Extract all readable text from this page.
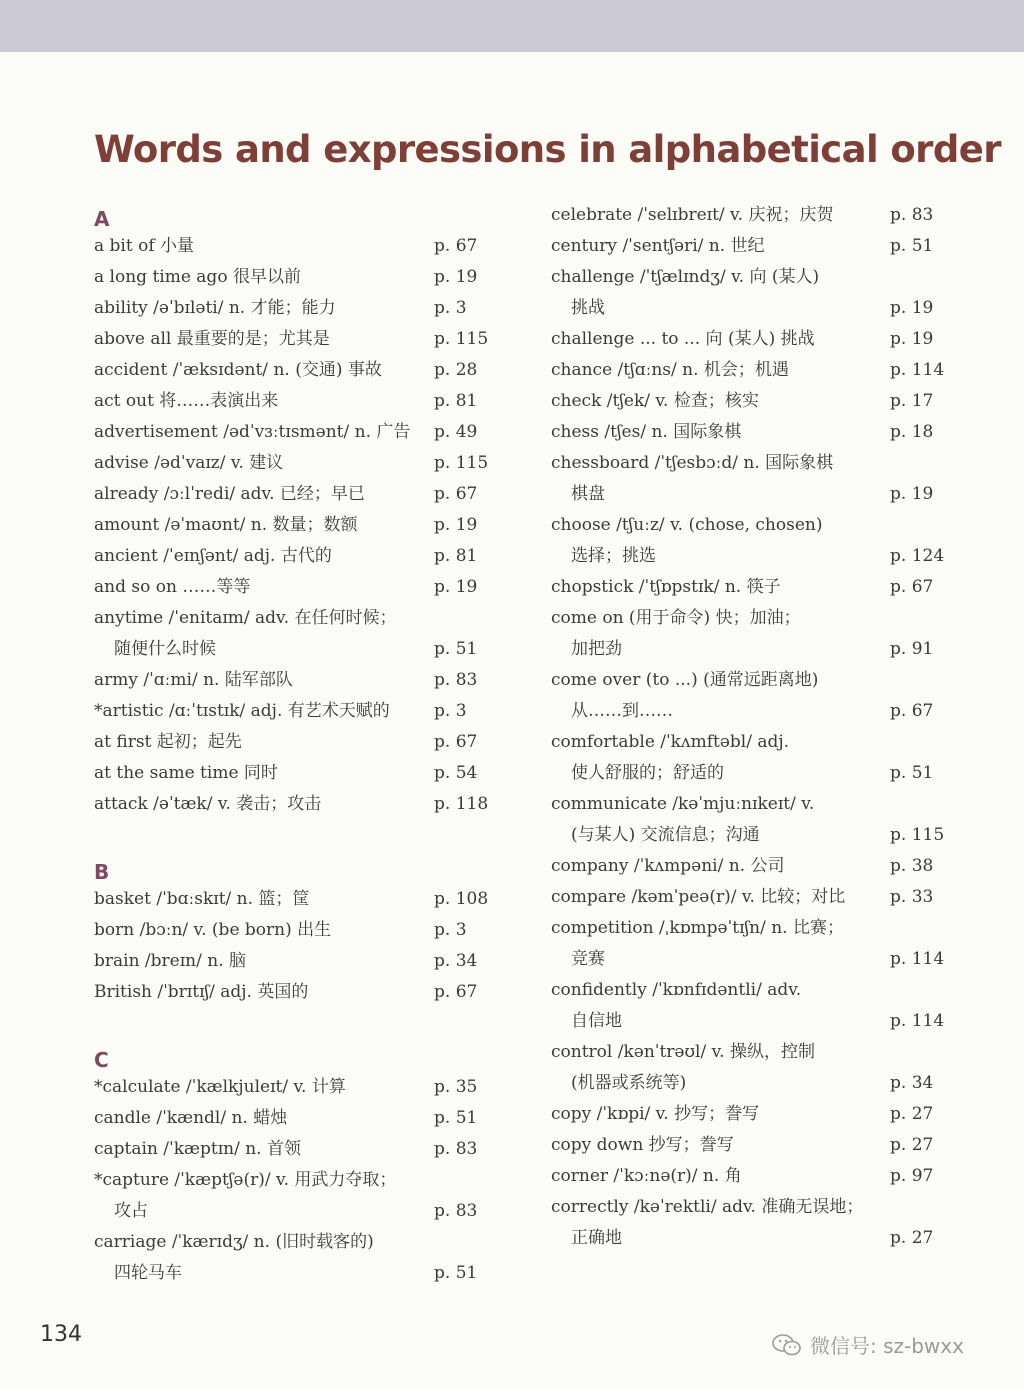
Words and expressions in alphabetical order
A
a bit of 小量	p. 67
a long time ago 很早以前	p. 19
ability /əˈbɪləti/ n. 才能；能力	p. 3
above all 最重要的是；尤其是	p. 115
accident /ˈæksɪdənt/ n. (交通) 事故	p. 28
act out 将……表演出来	p. 81
advertisement /ədˈvɜːtɪsmənt/ n. 广告 p. 49
advise /ədˈvaɪz/ v. 建议	p. 115
already /ɔːlˈredi/ adv. 已经；早已	p. 67
amount /əˈmaʊnt/ n. 数量；数额	p. 19
ancient /ˈeɪnʃənt/ adj. 古代的	p. 81
and so on ……等等	p. 19
anytime /ˈenitaɪm/ adv. 在任何时候；
随便什么时候	p. 51
army /ˈɑːmi/ n. 陆军部队	p. 83
*artistic /ɑːˈtɪstɪk/ adj. 有艺术天赋的	p. 3
at first 起初；起先	p. 67
at the same time 同时	p. 54
attack /əˈtæk/ v. 袭击；攻击	p. 118
B
basket /ˈbɑːskɪt/ n. 篮；筐	p. 108
born /bɔːn/ v. (be born) 出生	p. 3
brain /breɪn/ n. 脑	p. 34
British /ˈbrɪtɪʃ/ adj. 英国的	p. 67
C
*calculate /ˈkælkjuleɪt/ v. 计算	p. 35
candle /ˈkændl/ n. 蜡烛	p. 51
captain /ˈkæptɪn/ n. 首领	p. 83
*capture /ˈkæptʃə(r)/ v. 用武力夺取；
攻占	p. 83
carriage /ˈkærɪdʒ/ n. (旧时载客的)
四轮马车	p. 51
celebrate /ˈselɪbreɪt/ v. 庆祝；庆贺	p. 83
century /ˈsentʃəri/ n. 世纪	p. 51
challenge /ˈtʃælɪndʒ/ v. 向 (某人)
挑战	p. 19
challenge ... to ... 向 (某人) 挑战	p. 19
chance /tʃɑːns/ n. 机会；机遇	p. 114
check /tʃek/ v. 检查；核实	p. 17
chess /tʃes/ n. 国际象棋	p. 18
chessboard /ˈtʃesbɔːd/ n. 国际象棋
棋盘	p. 19
choose /tʃuːz/ v. (chose, chosen)
选择；挑选	p. 124
chopstick /ˈtʃɒpstɪk/ n. 筷子	p. 67
come on (用于命令) 快；加油；
加把劲	p. 91
come over (to ...) (通常远距离地)
从……到……	p. 67
comfortable /ˈkʌmftəbl/ adj.
使人舒服的；舒适的	p. 51
communicate /kəˈmjuːnɪkeɪt/ v.
(与某人) 交流信息；沟通	p. 115
company /ˈkʌmpəni/ n. 公司	p. 38
compare /kəmˈpeə(r)/ v. 比较；对比	p. 33
competition /ˌkɒmpəˈtɪʃn/ n. 比赛；
竞赛	p. 114
confidently /ˈkɒnfɪdəntli/ adv.
自信地	p. 114
control /kənˈtrəʊl/ v. 操纵，控制
(机器或系统等)	p. 34
copy /ˈkɒpi/ v. 抄写；誊写	p. 27
copy down 抄写；誊写	p. 27
corner /ˈkɔːnə(r)/ n. 角	p. 97
correctly /kəˈrektli/ adv. 准确无误地；
正确地	p. 27
134	微信号: sz-bwxx
